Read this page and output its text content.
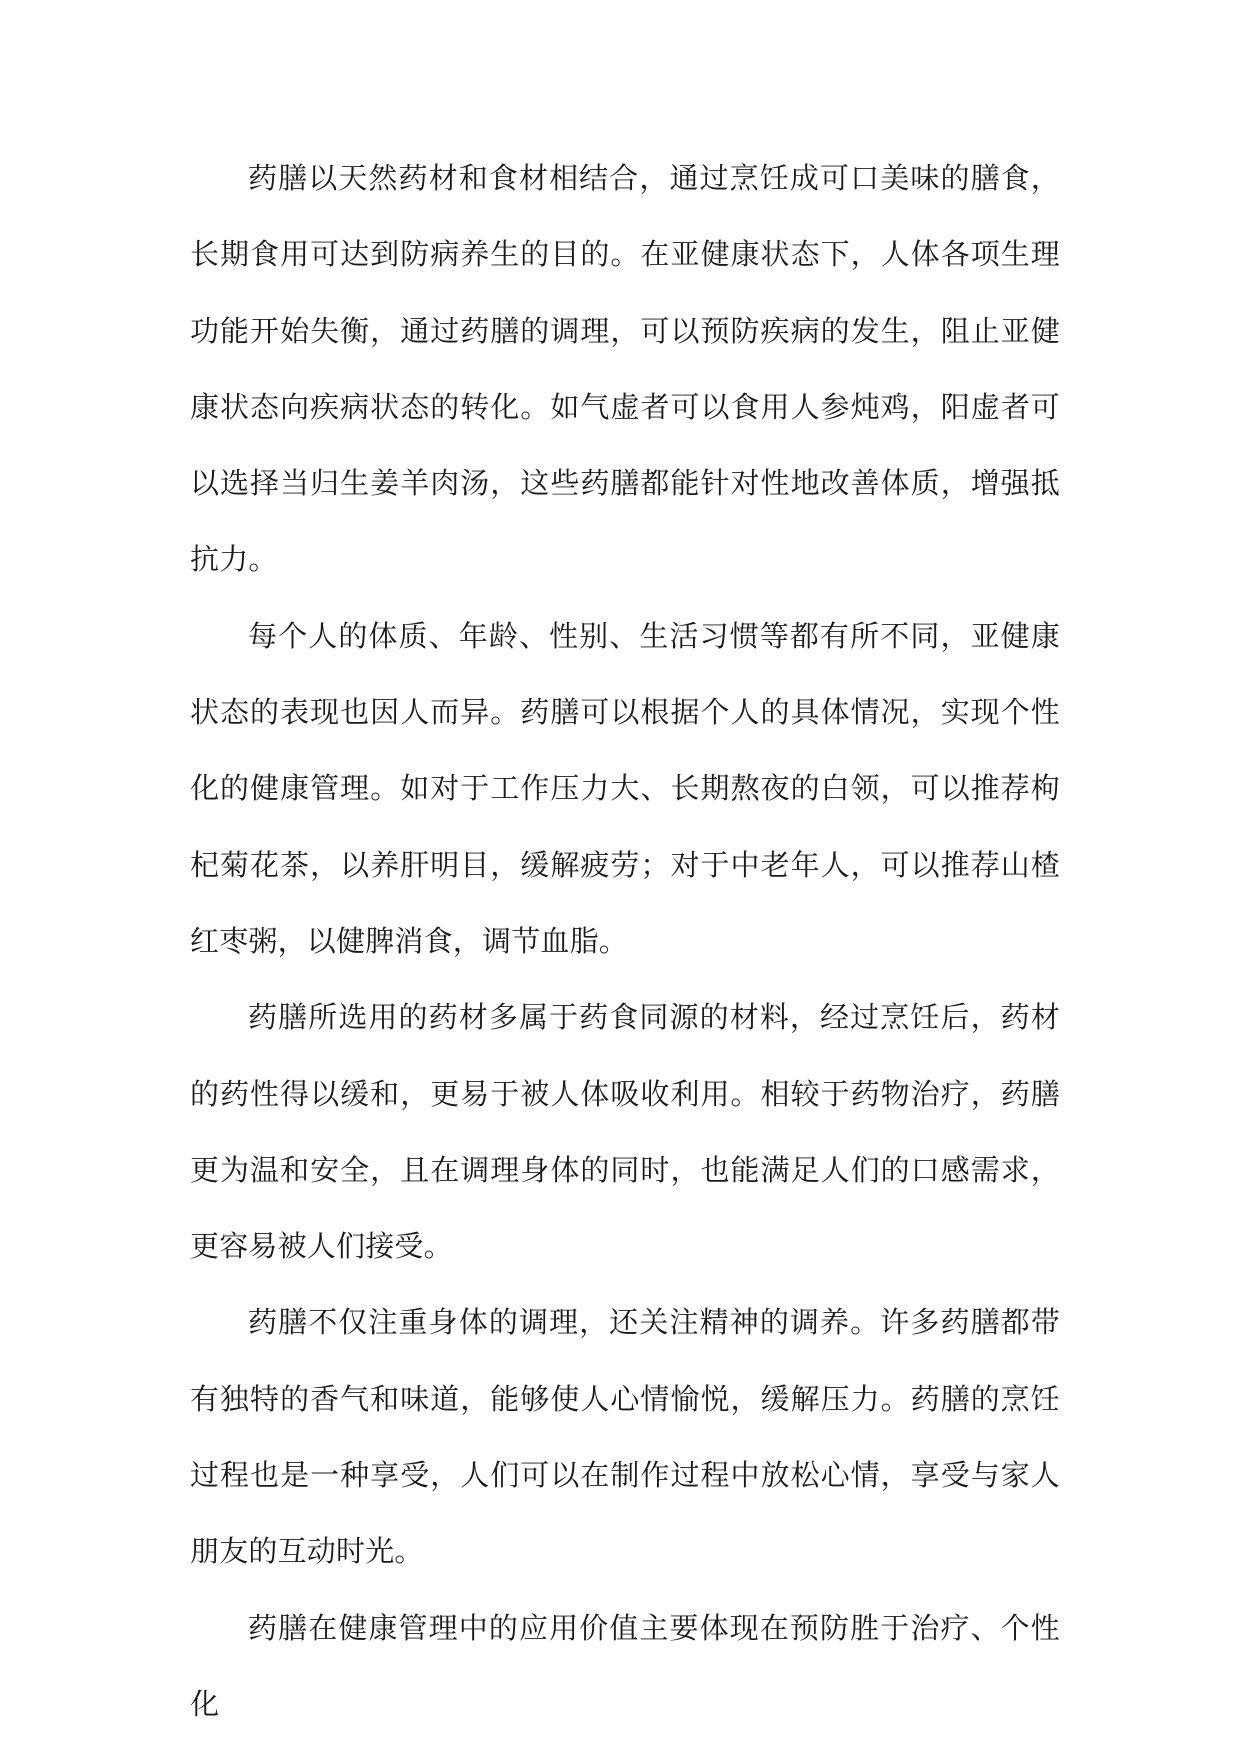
药膳以天然药材和食材相结合，通过烹饪成可口美味的膳食，长期食用可达到防病养生的目的。在亚健康状态下，人体各项生理功能开始失衡，通过药膳的调理，可以预防疾病的发生，阻止亚健康状态向疾病状态的转化。如气虚者可以食用人参炖鸡，阳虚者可以选择当归生姜羊肉汤，这些药膳都能针对性地改善体质，增强抵抗力。

每个人的体质、年龄、性别、生活习惯等都有所不同，亚健康状态的表现也因人而异。药膳可以根据个人的具体情况，实现个性化的健康管理。如对于工作压力大、长期熬夜的白领，可以推荐枸杞菊花茶，以养肝明目，缓解疲劳；对于中老年人，可以推荐山楂红枣粥，以健脾消食，调节血脂。

药膳所选用的药材多属于药食同源的材料，经过烹饪后，药材的药性得以缓和，更易于被人体吸收利用。相较于药物治疗，药膳更为温和安全，且在调理身体的同时，也能满足人们的口感需求，更容易被人们接受。

药膳不仅注重身体的调理，还关注精神的调养。许多药膳都带有独特的香气和味道，能够使人心情愉悦，缓解压力。药膳的烹饪过程也是一种享受，人们可以在制作过程中放松心情，享受与家人朋友的互动时光。

药膳在健康管理中的应用价值主要体现在预防胜于治疗、个性化
